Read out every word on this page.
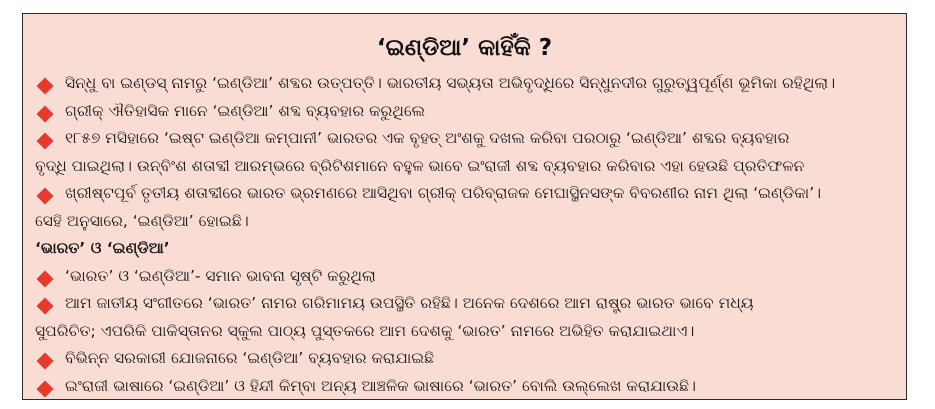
‘ଇଣ୍ଡିଆ’ କାହିଁକି ?
ସିନ୍ଧୁ ବା ଇଣ୍ଡସ୍ ନାମରୁ ‘ଇଣ୍ଡିଆ’ ଶବ୍ଦର ଉତ୍ପତ୍ତି। ଭାରତୀୟ ସଭ୍ୟତା ଅଭିବୃଦ୍ଧିରେ ସିନ୍ଧୁନଦୀର ଗୁରୁତ୍ୱପୂର୍ଣ୍ଣ ଭୂମିକା ରହିଥିଲା।
ଗ୍ରୀକ୍ ଐତିହାସିକ ମାନେ ‘ଇଣ୍ଡିଆ’ ଶବ୍ଦ ବ୍ୟବହାର କରୁଥିଲେ
୧୮୫୭ ମସିହାରେ ‘ଇଷ୍ଟ ଇଣ୍ଡିଆ କମ୍ପାନୀ’ ଭାରତର ଏକ ବୃହତ୍ ଅଂଶକୁ ଦଖଲ କରିବା ପରଠାରୁ ‘ଇଣ୍ଡିଆ’ ଶବ୍ଦର ବ୍ୟବହାର
ବୃଦ୍ଧି ପାଇଥିଲା। ଉନ୍‌ବିଂଶ ଶତାବ୍ଦୀ ଆରମ୍ଭରେ ବ୍ରିଟିଶମାନେ ବହୁଳ ଭାବେ ଇଂରାଜୀ ଶବ୍ଦ ବ୍ୟବହାର କରିବାର ଏହା ହେଉଛି ପ୍ରତିଫଳନ
ଖ୍ରୀଷ୍ଟପୂର୍ବ ତୃତୀୟ ଶତାବ୍ଦୀରେ ଭାରତ ଭ୍ରମଣରେ ଆସିଥିବା ଗ୍ରୀକ୍ ପରିବ୍ରାଜକ ମେଘାସ୍ଥିନସଙ୍କ ବିବରଣୀର ନାମ ଥିଲା ‘ଇଣ୍ଡିକା’।
ସେହି ଅନୁସାରେ, ‘ଇଣ୍ଡିଆ’ ହୋଇଛି।
‘ଭାରତ’ ଓ ‘ଇଣ୍ଡିଆ’
‘ଭାରତ’ ଓ ‘ଇଣ୍ଡିଆ’- ସମାନ ଭାବନା ସୃଷ୍ଟି କରୁଥିଲା
ଆମ ଜାତୀୟ ସଂଗୀତରେ ‘ଭାରତ’ ନାମର ଗରିମାମୟ ଉପସ୍ଥିତି ରହିଛି। ଅନେକ ଦେଶରେ ଆମ ରାଷ୍ଟ୍ର ଭାରତ ଭାବେ ମଧ୍ୟ
ସୁପରିଚିତ; ଏପରିକି ପାକିସ୍ତାନର ସ୍କୁଲ ପାଠ୍ୟ ପୁସ୍ତକରେ ଆମ ଦେଶକୁ ‘ଭାରତ’ ନାମରେ ଅଭିହିତ କରାଯାଇଥାଏ।
ବିଭିନ୍ନ ସରକାରୀ ଯୋଜନାରେ ‘ଇଣ୍ଡିଆ’ ବ୍ୟବହାର କରାଯାଇଛି
ଇଂରାଜୀ ଭାଷାରେ ‘ଇଣ୍ଡିଆ’ ଓ ହିନ୍ଦୀ କିମ୍ବା ଅନ୍ୟ ଆଞ୍ଚଳିକ ଭାଷାରେ ‘ଭାରତ’ ବୋଲି ଉଲ୍ଲେଖ କରାଯାଉଛି।
